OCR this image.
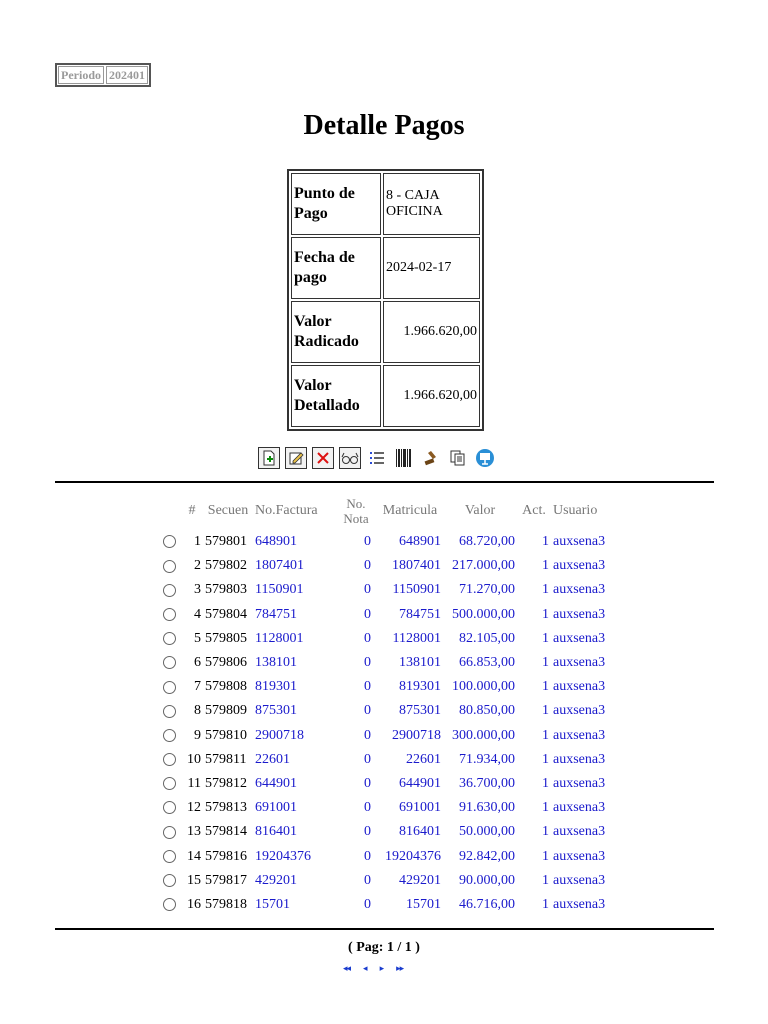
Periodo 202401
Detalle Pagos
Punto de Pago	8 - CAJA OFICINA
Fecha de pago	2024-02-17
Valor Radicado	1.966.620,00
Valor Detallado	1.966.620,00
	#	Secuen	No.Factura	No. Nota	Matricula	Valor	Act.	Usuario
	1	579801	648901	0	648901	68.720,00	1	auxsena3
	2	579802	1807401	0	1807401	217.000,00	1	auxsena3
	3	579803	1150901	0	1150901	71.270,00	1	auxsena3
	4	579804	784751	0	784751	500.000,00	1	auxsena3
	5	579805	1128001	0	1128001	82.105,00	1	auxsena3
	6	579806	138101	0	138101	66.853,00	1	auxsena3
	7	579808	819301	0	819301	100.000,00	1	auxsena3
	8	579809	875301	0	875301	80.850,00	1	auxsena3
	9	579810	2900718	0	2900718	300.000,00	1	auxsena3
	10	579811	22601	0	22601	71.934,00	1	auxsena3
	11	579812	644901	0	644901	36.700,00	1	auxsena3
	12	579813	691001	0	691001	91.630,00	1	auxsena3
	13	579814	816401	0	816401	50.000,00	1	auxsena3
	14	579816	19204376	0	19204376	92.842,00	1	auxsena3
	15	579817	429201	0	429201	90.000,00	1	auxsena3
	16	579818	15701	0	15701	46.716,00	1	auxsena3
( Pag: 1 / 1 )
◂◂ ◂ ▸ ▸▸
